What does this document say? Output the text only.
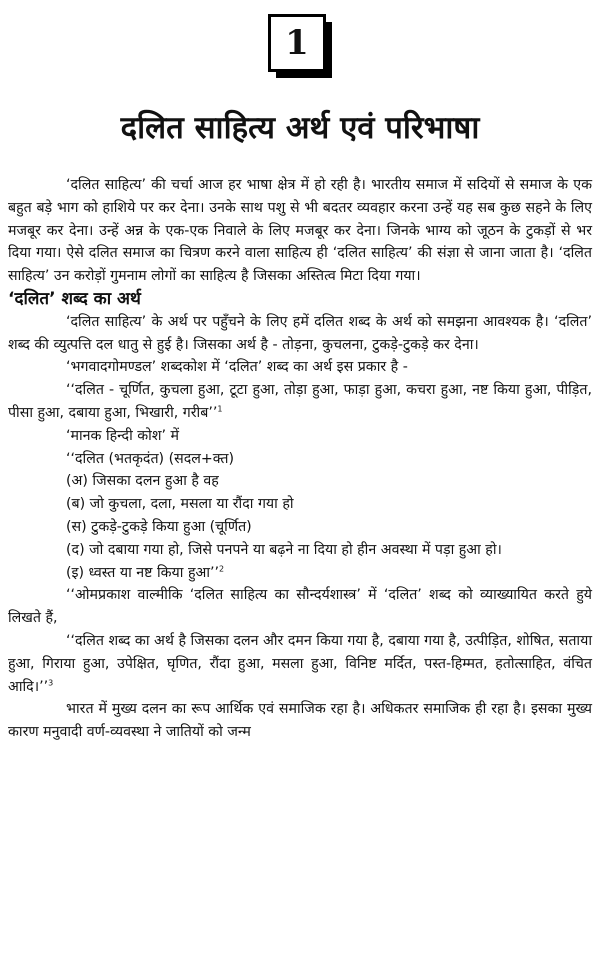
1
दलित साहित्य अर्थ एवं परिभाषा

‘दलित साहित्य’ की चर्चा आज हर भाषा क्षेत्र में हो रही है। भारतीय समाज में सदियों से समाज के एक बहुत बड़े भाग को हाशिये पर कर देना। उनके साथ पशु से भी बदतर व्यवहार करना उन्हें यह सब कुछ सहने के लिए मजबूर कर देना। उन्हें अन्न के एक-एक निवाले के लिए मजबूर कर देना। जिनके भाग्य को जूठन के टुकड़ों से भर दिया गया। ऐसे दलित समाज का चित्रण करने वाला साहित्य ही ‘दलित साहित्य’ की संज्ञा से जाना जाता है। ‘दलित साहित्य’ उन करोड़ों गुमनाम लोगों का साहित्य है जिसका अस्तित्व मिटा दिया गया।

‘दलित’ शब्द का अर्थ

‘दलित साहित्य’ के अर्थ पर पहुँचने के लिए हमें दलित शब्द के अर्थ को समझना आवश्यक है। ‘दलित’ शब्द की व्युत्पत्ति दल धातु से हुई है। जिसका अर्थ है - तोड़ना, कुचलना, टुकड़े-टुकड़े कर देना।

‘भगवादगोमण्डल’ शब्दकोश में ‘दलित’ शब्द का अर्थ इस प्रकार है -

‘‘दलित - चूर्णित, कुचला हुआ, टूटा हुआ, तोड़ा हुआ, फाड़ा हुआ, कचरा हुआ, नष्ट किया हुआ, पीड़ित, पीसा हुआ, दबाया हुआ, भिखारी, गरीब’’$^1$

‘मानक हिन्दी कोश’ में

‘‘दलित (भतकृदंत) (सदल+क्त)

(अ) जिसका दलन हुआ है वह

(ब) जो कुचला, दला, मसला या रौंदा गया हो

(स) टुकड़े-टुकड़े किया हुआ (चूर्णित)

(द) जो दबाया गया हो, जिसे पनपने या बढ़ने ना दिया हो हीन अवस्था में पड़ा हुआ हो।

(इ) ध्वस्त या नष्ट किया हुआ’’$^2$

‘‘ओमप्रकाश वाल्मीकि ‘दलित साहित्य का सौन्दर्यशास्त्र’ में ‘दलित’ शब्द को व्याख्यायित करते हुये लिखते हैं,

‘‘दलित शब्द का अर्थ है जिसका दलन और दमन किया गया है, दबाया गया है, उत्पीड़ित, शोषित, सताया हुआ, गिराया हुआ, उपेक्षित, घृणित, रौंदा हुआ, मसला हुआ, विनिष्ट मर्दित, पस्त-हिम्मत, हतोत्साहित, वंचित आदि।’’$^3$

भारत में मुख्य दलन का रूप आर्थिक एवं समाजिक रहा है। अधिकतर समाजिक ही रहा है। इसका मुख्य कारण मनुवादी वर्ण-व्यवस्था ने जातियों को जन्म
